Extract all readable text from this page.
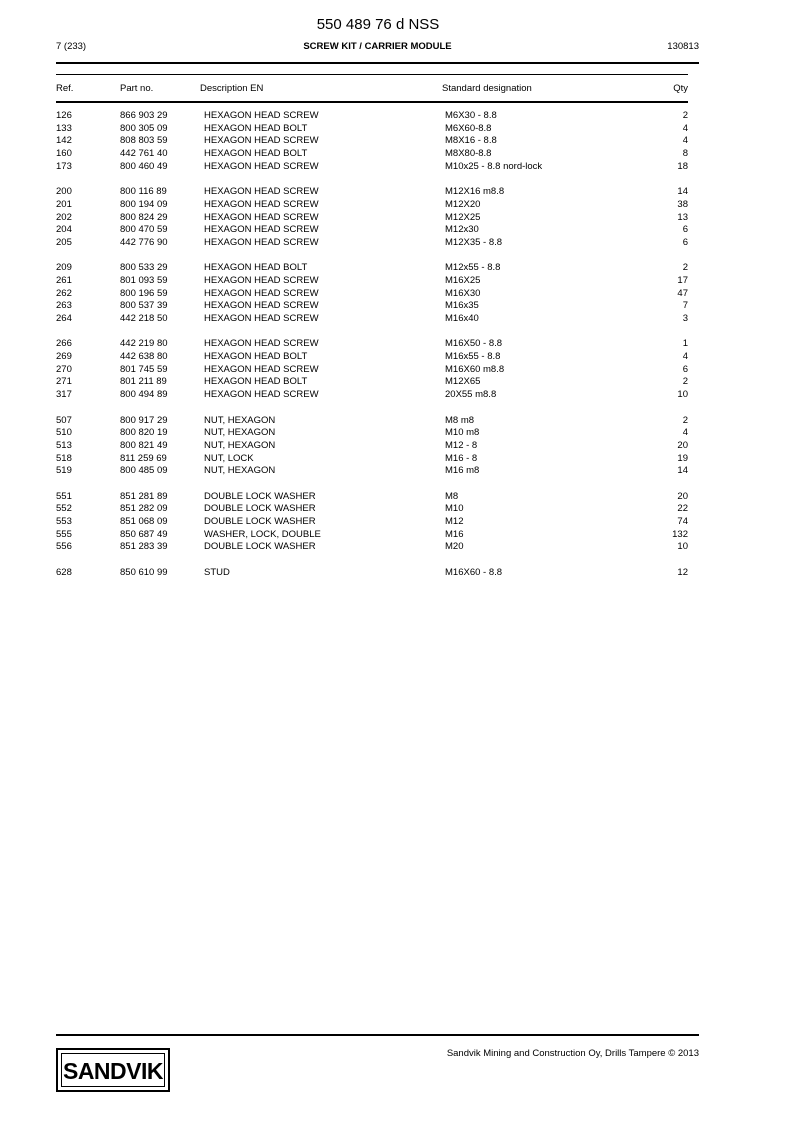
550 489 76 d NSS
7 (233)	SCREW KIT / CARRIER MODULE	130813
Ref.	Part no.	Description EN	Standard designation	Qty
126	866 903 29	HEXAGON HEAD SCREW	M6X30 - 8.8	2
133	800 305 09	HEXAGON HEAD BOLT	M6X60-8.8	4
142	808 803 59	HEXAGON HEAD SCREW	M8X16 - 8.8	4
160	442 761 40	HEXAGON HEAD BOLT	M8X80-8.8	8
173	800 460 49	HEXAGON HEAD SCREW	M10x25 - 8.8 nord-lock	18
200	800 116 89	HEXAGON HEAD SCREW	M12X16 m8.8	14
201	800 194 09	HEXAGON HEAD SCREW	M12X20	38
202	800 824 29	HEXAGON HEAD SCREW	M12X25	13
204	800 470 59	HEXAGON HEAD SCREW	M12x30	6
205	442 776 90	HEXAGON HEAD SCREW	M12X35 - 8.8	6
209	800 533 29	HEXAGON HEAD BOLT	M12x55 - 8.8	2
261	801 093 59	HEXAGON HEAD SCREW	M16X25	17
262	800 196 59	HEXAGON HEAD SCREW	M16X30	47
263	800 537 39	HEXAGON HEAD SCREW	M16x35	7
264	442 218 50	HEXAGON HEAD SCREW	M16x40	3
266	442 219 80	HEXAGON HEAD SCREW	M16X50 - 8.8	1
269	442 638 80	HEXAGON HEAD BOLT	M16x55 - 8.8	4
270	801 745 59	HEXAGON HEAD SCREW	M16X60 m8.8	6
271	801 211 89	HEXAGON HEAD BOLT	M12X65	2
317	800 494 89	HEXAGON HEAD SCREW	20X55 m8.8	10
507	800 917 29	NUT, HEXAGON	M8 m8	2
510	800 820 19	NUT, HEXAGON	M10 m8	4
513	800 821 49	NUT, HEXAGON	M12 - 8	20
518	811 259 69	NUT, LOCK	M16 - 8	19
519	800 485 09	NUT, HEXAGON	M16 m8	14
551	851 281 89	DOUBLE LOCK WASHER	M8	20
552	851 282 09	DOUBLE LOCK WASHER	M10	22
553	851 068 09	DOUBLE LOCK WASHER	M12	74
555	850 687 49	WASHER, LOCK, DOUBLE	M16	132
556	851 283 39	DOUBLE LOCK WASHER	M20	10
628	850 610 99	STUD	M16X60 - 8.8	12
SANDVIK
Sandvik Mining and Construction Oy, Drills Tampere © 2013
